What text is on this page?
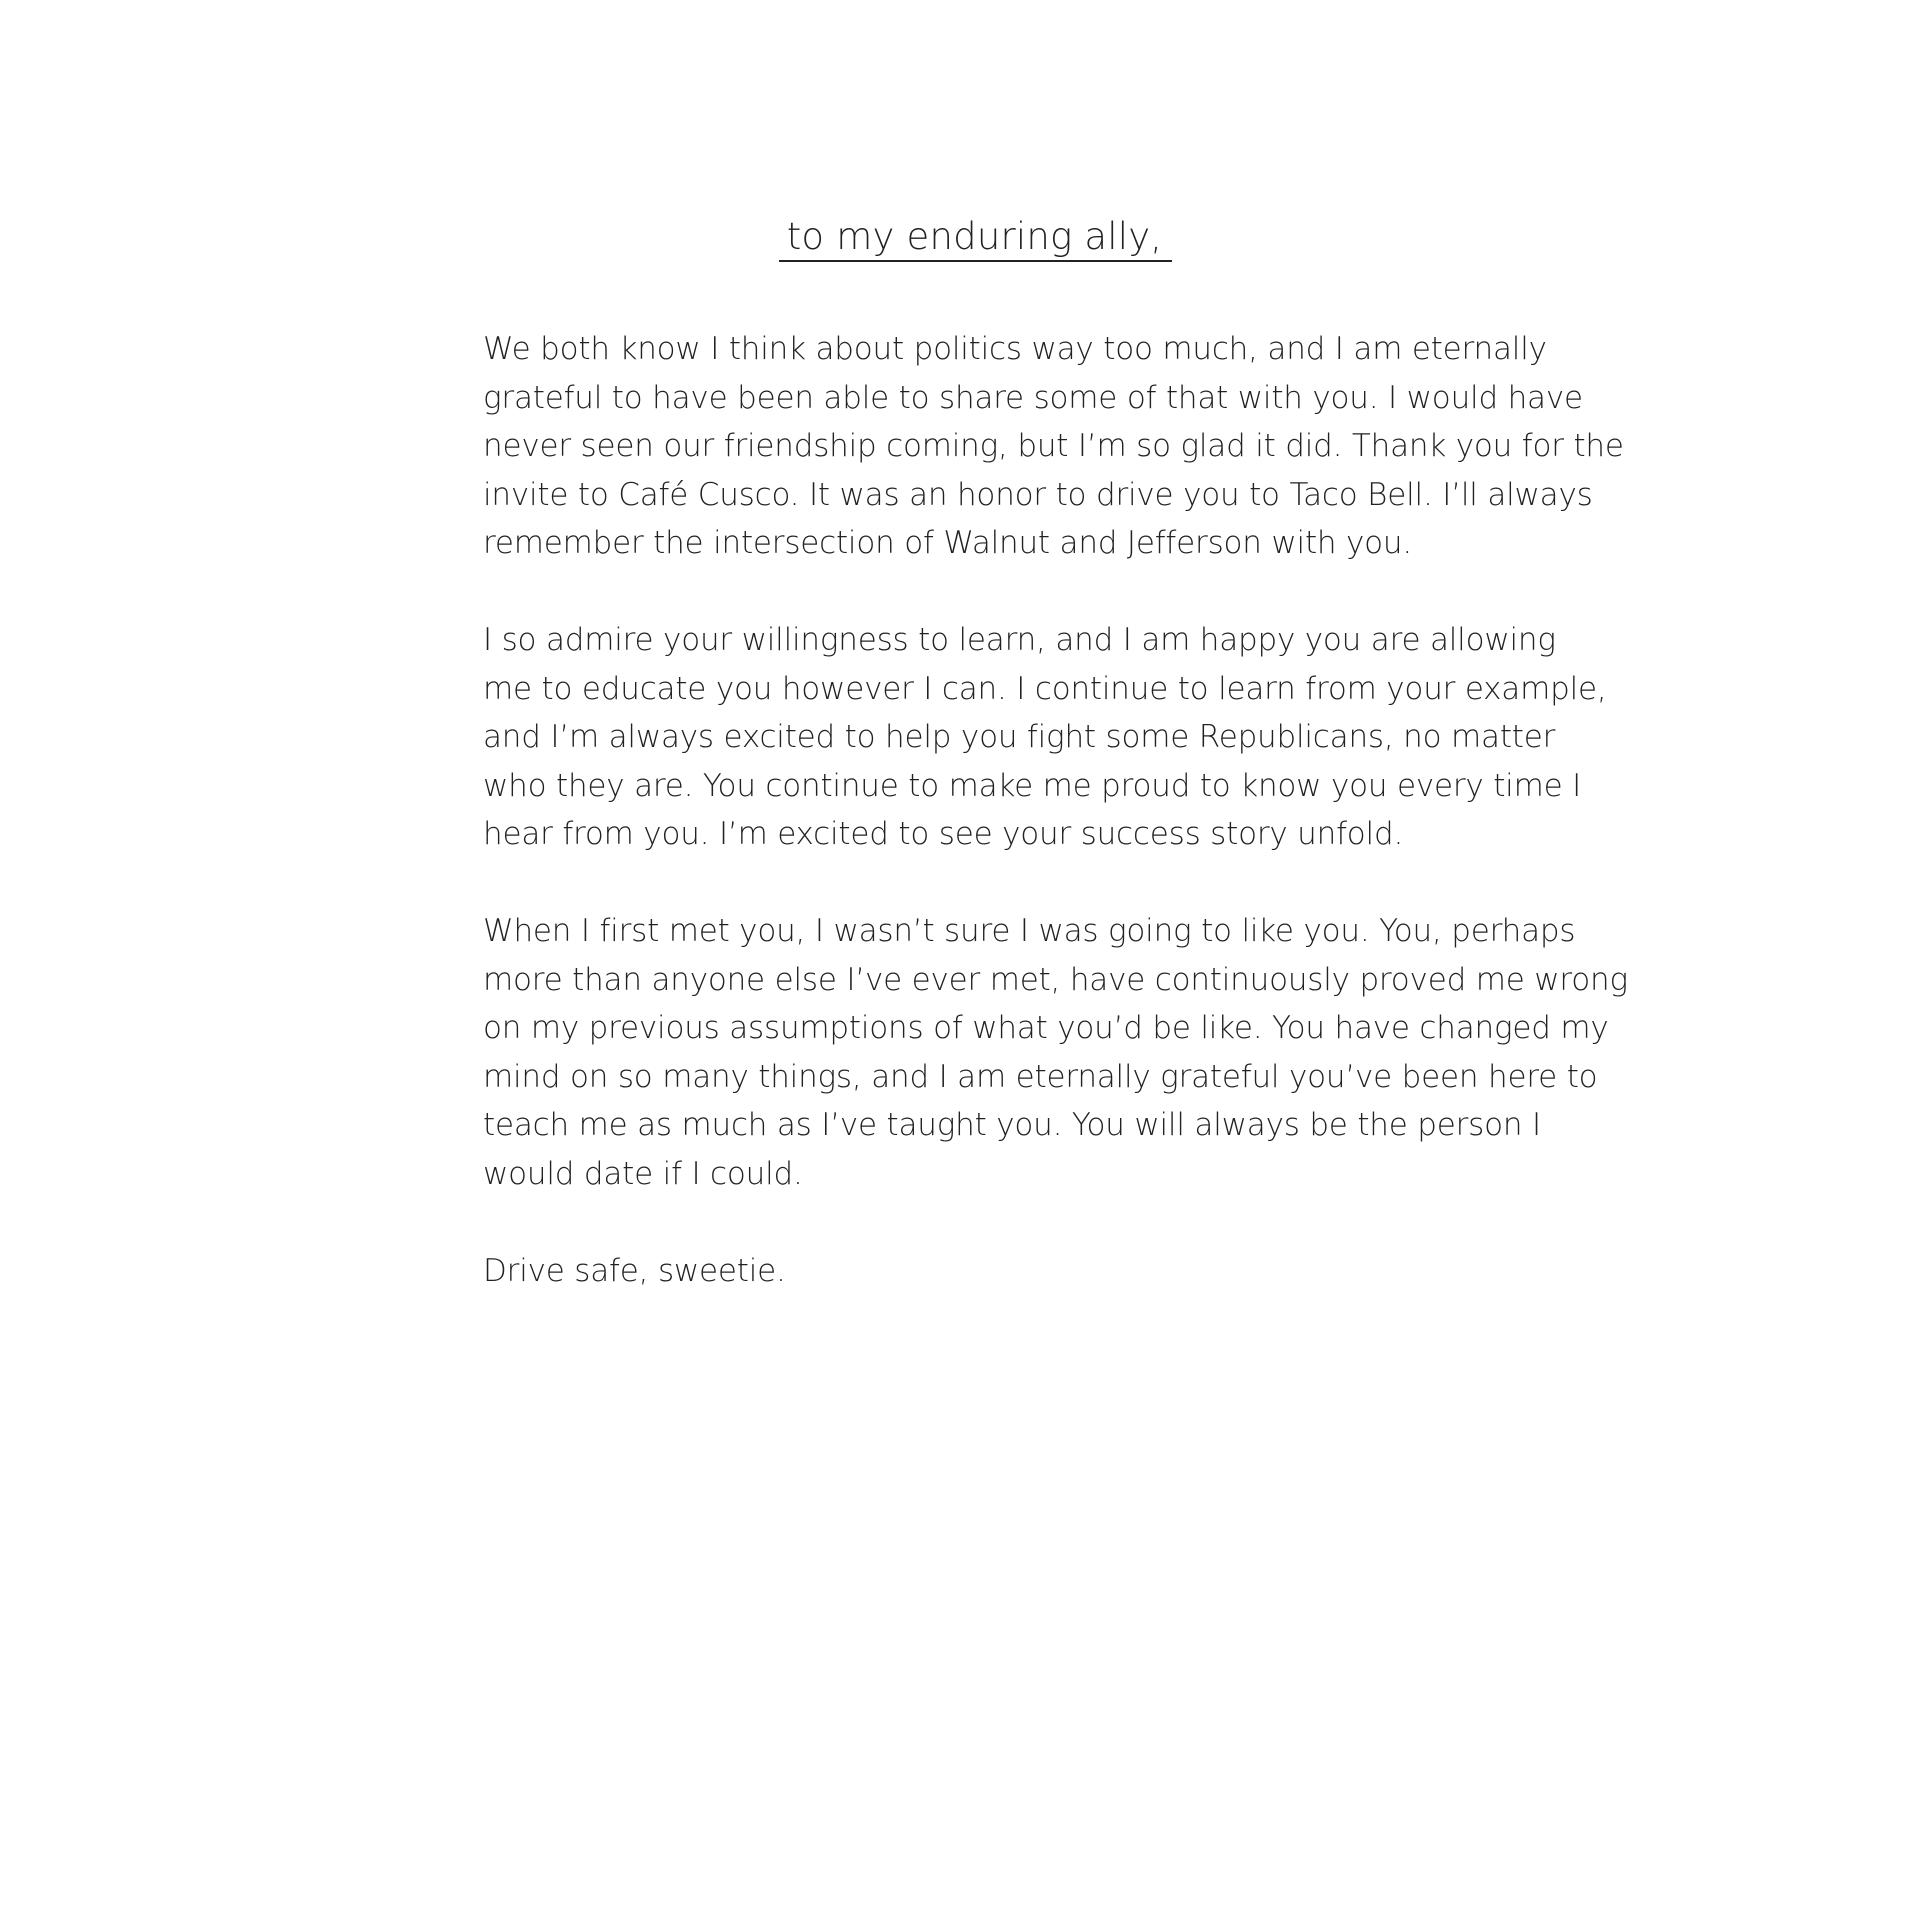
to my enduring ally,

We both know I think about politics way too much, and I am eternally
grateful to have been able to share some of that with you. I would have
never seen our friendship coming, but I’m so glad it did. Thank you for the
invite to Café Cusco. It was an honor to drive you to Taco Bell. I’ll always
remember the intersection of Walnut and Jefferson with you.

I so admire your willingness to learn, and I am happy you are allowing
me to educate you however I can. I continue to learn from your example,
and I’m always excited to help you fight some Republicans, no matter
who they are. You continue to make me proud to know you every time I
hear from you. I’m excited to see your success story unfold.

When I first met you, I wasn’t sure I was going to like you. You, perhaps
more than anyone else I’ve ever met, have continuously proved me wrong
on my previous assumptions of what you’d be like. You have changed my
mind on so many things, and I am eternally grateful you’ve been here to
teach me as much as I’ve taught you. You will always be the person I
would date if I could.

Drive safe, sweetie.
